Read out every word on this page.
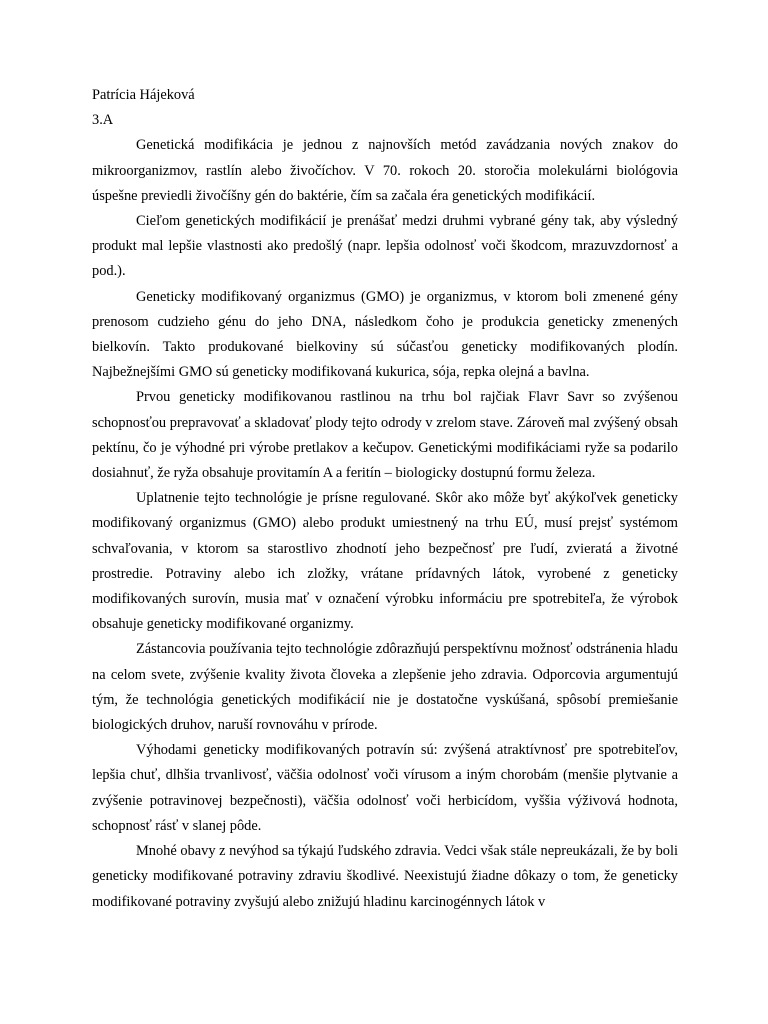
Patrícia Hájeková

3.A

Genetická modifikácia je jednou z najnovších metód zavádzania nových znakov do mikroorganizmov, rastlín alebo živočíchov. V 70. rokoch 20. storočia molekulárni biológovia úspešne previedli živočíšny gén do baktérie, čím sa začala éra genetických modifikácií.

Cieľom genetických modifikácií je prenášať medzi druhmi vybrané gény tak, aby výsledný produkt mal lepšie vlastnosti ako predošlý (napr. lepšia odolnosť voči škodcom, mrazuvzdornosť a pod.).

Geneticky modifikovaný organizmus (GMO) je organizmus, v ktorom boli zmenené gény prenosom cudzieho génu do jeho DNA, následkom čoho je produkcia geneticky zmenených bielkovín. Takto produkované bielkoviny sú súčasťou geneticky modifikovaných plodín. Najbežnejšími GMO sú geneticky modifikovaná kukurica, sója, repka olejná a bavlna.

Prvou geneticky modifikovanou rastlinou na trhu bol rajčiak Flavr Savr so zvýšenou schopnosťou prepravovať a skladovať plody tejto odrody v zrelom stave. Zároveň mal zvýšený obsah pektínu, čo je výhodné pri výrobe pretlakov a kečupov. Genetickými modifikáciami ryže sa podarilo dosiahnuť, že ryža obsahuje provitamín A a feritín – biologicky dostupnú formu železa.

Uplatnenie tejto technológie je prísne regulované. Skôr ako môže byť akýkoľvek geneticky modifikovaný organizmus (GMO) alebo produkt umiestnený na trhu EÚ, musí prejsť systémom schvaľovania, v ktorom sa starostlivo zhodnotí jeho bezpečnosť pre ľudí, zvieratá a životné prostredie. Potraviny alebo ich zložky, vrátane prídavných látok, vyrobené z geneticky modifikovaných surovín, musia mať v označení výrobku informáciu pre spotrebiteľa, že výrobok obsahuje geneticky modifikované organizmy.

Zástancovia používania tejto technológie zdôrazňujú perspektívnu možnosť odstránenia hladu na celom svete, zvýšenie kvality života človeka a zlepšenie jeho zdravia. Odporcovia argumentujú tým, že technológia genetických modifikácií nie je dostatočne vyskúšaná, spôsobí premiešanie biologických druhov, naruší rovnováhu v prírode.

Výhodami geneticky modifikovaných potravín sú: zvýšená atraktívnosť pre spotrebiteľov, lepšia chuť, dlhšia trvanlivosť, väčšia odolnosť voči vírusom a iným chorobám (menšie plytvanie a zvýšenie potravinovej bezpečnosti), väčšia odolnosť voči herbicídom, vyššia výživová hodnota, schopnosť rásť v slanej pôde.

Mnohé obavy z nevýhod sa týkajú ľudského zdravia. Vedci však stále nepreukázali, že by boli geneticky modifikované potraviny zdraviu škodlivé. Neexistujú žiadne dôkazy o tom, že geneticky modifikované potraviny zvyšujú alebo znižujú hladinu karcinogénnych látok v
